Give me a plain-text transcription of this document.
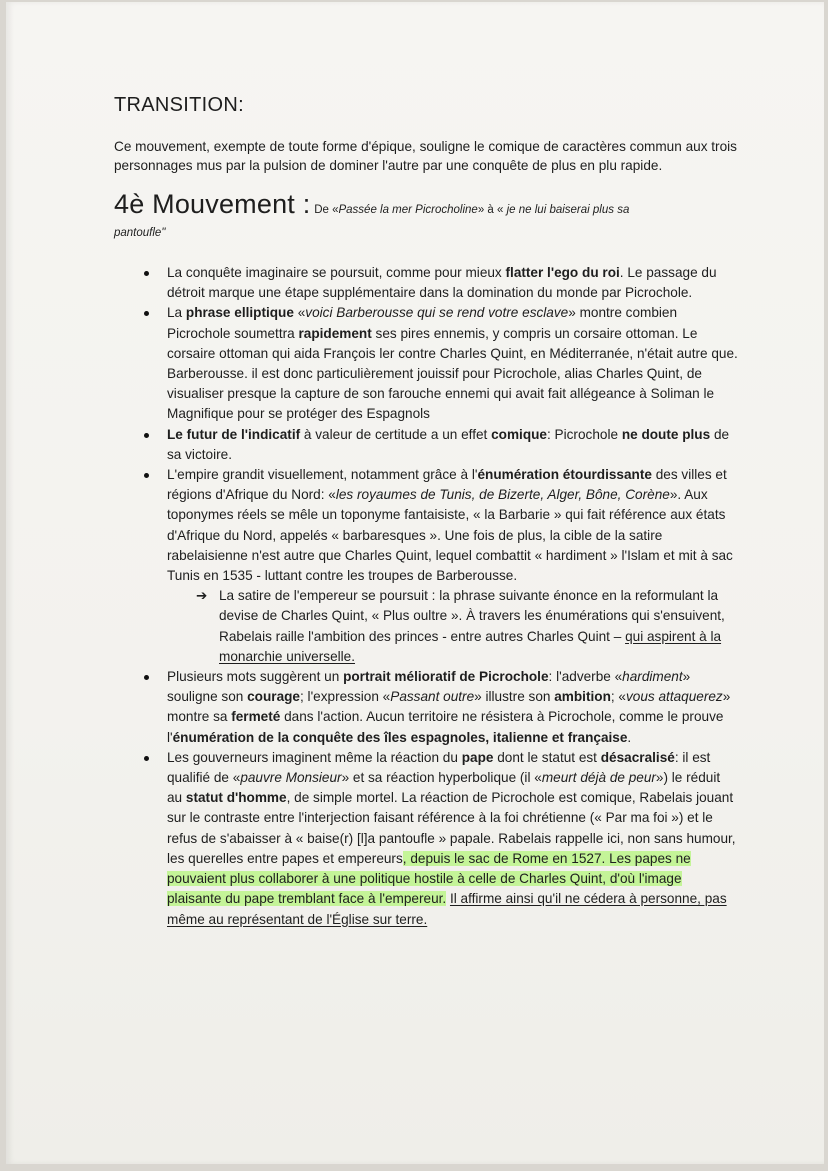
TRANSITION:

Ce mouvement, exempte de toute forme d'épique, souligne le comique de caractères commun aux trois personnages mus par la pulsion de dominer l'autre par une conquête de plus en plu rapide.

4è Mouvement : De «Passée la mer Picrocholine» à « je ne lui baiserai plus sa
pantoufle"
La conquête imaginaire se poursuit, comme pour mieux flatter l'ego du roi. Le passage du détroit marque une étape supplémentaire dans la domination du monde par Picrochole.
La phrase elliptique «voici Barberousse qui se rend votre esclave» montre combien Picrochole soumettra rapidement ses pires ennemis, y compris un corsaire ottoman. Le corsaire ottoman qui aida François ler contre Charles Quint, en Méditerranée, n'était autre que. Barberousse. il est donc particulièrement jouissif pour Picrochole, alias Charles Quint, de visualiser presque la capture de son farouche ennemi qui avait fait allégeance à Soliman le Magnifique pour se protéger des Espagnols
Le futur de l'indicatif à valeur de certitude a un effet comique: Picrochole ne doute plus de sa victoire.
L'empire grandit visuellement, notamment grâce à l'énumération étourdissante des villes et régions d'Afrique du Nord: «les royaumes de Tunis, de Bizerte, Alger, Bône, Corène». Aux toponymes réels se mêle un toponyme fantaisiste, « la Barbarie » qui fait référence aux états d'Afrique du Nord, appelés « barbaresques ». Une fois de plus, la cible de la satire rabelaisienne n'est autre que Charles Quint, lequel combattit « hardiment » l'Islam et mit à sac Tunis en 1535 - luttant contre les troupes de Barberousse.
➔ La satire de l'empereur se poursuit : la phrase suivante énonce en la reformulant la devise de Charles Quint, « Plus oultre ». À travers les énumérations qui s'ensuivent, Rabelais raille l'ambition des princes - entre autres Charles Quint – qui aspirent à la monarchie universelle.
Plusieurs mots suggèrent un portrait mélioratif de Picrochole: l'adverbe «hardiment» souligne son courage; l'expression «Passant outre» illustre son ambition; «vous attaquerez» montre sa fermeté dans l'action. Aucun territoire ne résistera à Picrochole, comme le prouve l'énumération de la conquête des îles espagnoles, italienne et française.
Les gouverneurs imaginent même la réaction du pape dont le statut est désacralisé: il est qualifié de «pauvre Monsieur» et sa réaction hyperbolique (il «meurt déjà de peur») le réduit au statut d'homme, de simple mortel. La réaction de Picrochole est comique, Rabelais jouant sur le contraste entre l'interjection faisant référence à la foi chrétienne (« Par ma foi ») et le refus de s'abaisser à « baise(r) [l]a pantoufle » papale. Rabelais rappelle ici, non sans humour, les querelles entre papes et empereurs, depuis le sac de Rome en 1527. Les papes ne pouvaient plus collaborer à une politique hostile à celle de Charles Quint, d'où l'image plaisante du pape tremblant face à l'empereur. Il affirme ainsi qu'il ne cédera à personne, pas même au représentant de l'Église sur terre.
